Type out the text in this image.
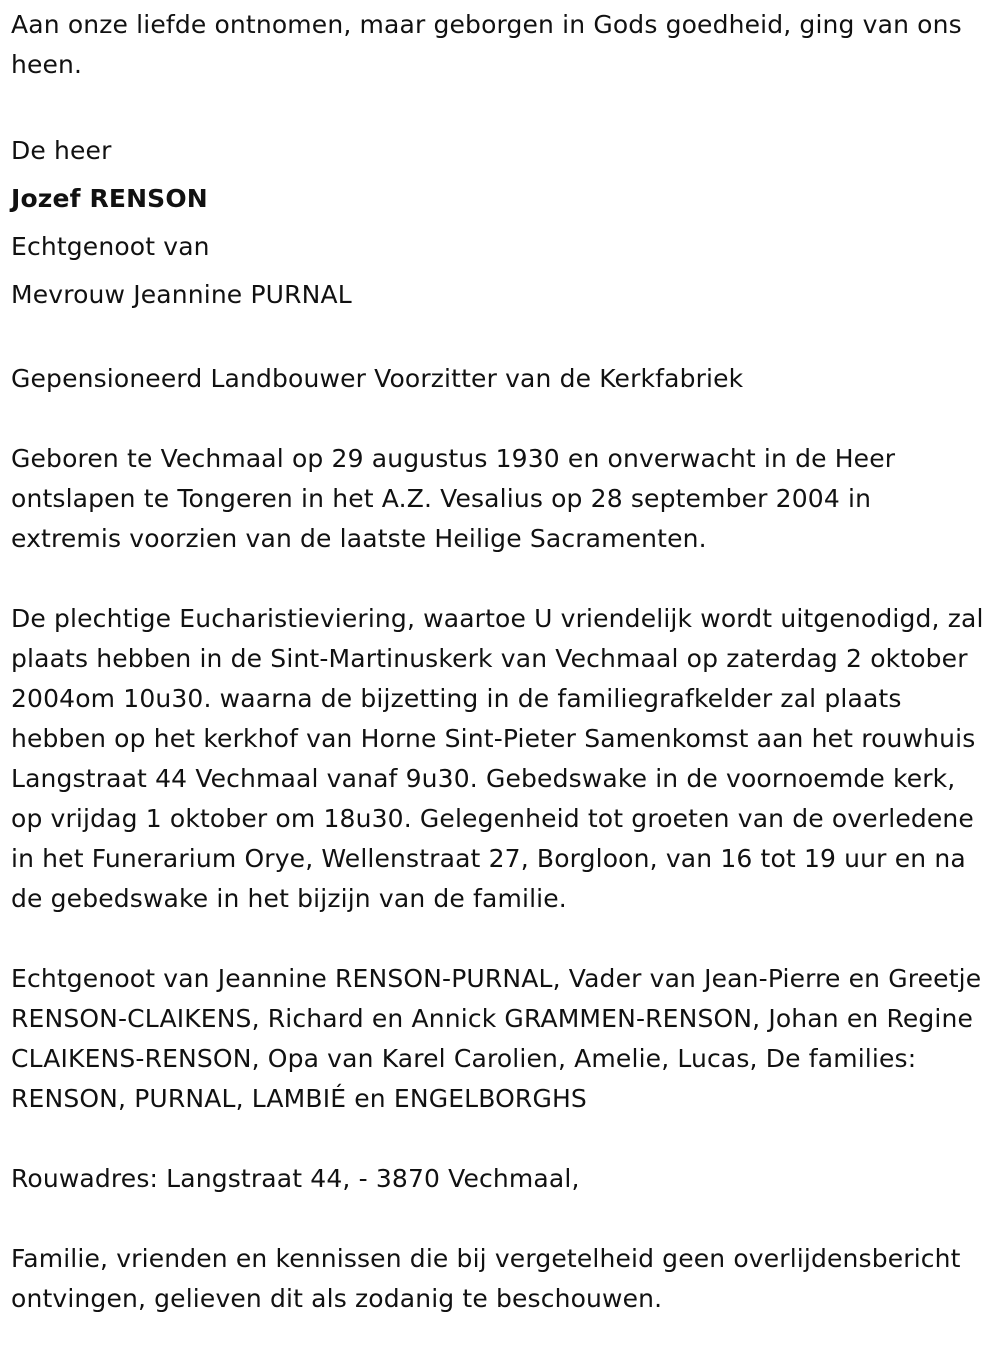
Aan onze liefde ontnomen, maar geborgen in Gods goedheid, ging van ons heen.

De heer

Jozef RENSON

Echtgenoot van

Mevrouw Jeannine PURNAL

Gepensioneerd Landbouwer Voorzitter van de Kerkfabriek

Geboren te Vechmaal op 29 augustus 1930 en onverwacht in de Heer ontslapen te Tongeren in het A.Z. Vesalius op 28 september 2004 in extremis voorzien van de laatste Heilige Sacramenten.

De plechtige Eucharistieviering, waartoe U vriendelijk wordt uitgenodigd, zal plaats hebben in de Sint-Martinuskerk van Vechmaal op zaterdag 2 oktober 2004om 10u30. waarna de bijzetting in de familiegrafkelder zal plaats hebben op het kerkhof van Horne Sint-Pieter Samenkomst aan het rouwhuis Langstraat 44 Vechmaal vanaf 9u30. Gebedswake in de voornoemde kerk, op vrijdag 1 oktober om 18u30. Gelegenheid tot groeten van de overledene in het Funerarium Orye, Wellenstraat 27, Borgloon, van 16 tot 19 uur en na de gebedswake in het bijzijn van de familie.

Echtgenoot van Jeannine RENSON-PURNAL, Vader van Jean-Pierre en Greetje RENSON-CLAIKENS, Richard en Annick GRAMMEN-RENSON, Johan en Regine CLAIKENS-RENSON, Opa van Karel Carolien, Amelie, Lucas, De families: RENSON, PURNAL, LAMBIÉ en ENGELBORGHS

Rouwadres: Langstraat 44, - 3870 Vechmaal,

Familie, vrienden en kennissen die bij vergetelheid geen overlijdensbericht ontvingen, gelieven dit als zodanig te beschouwen.
